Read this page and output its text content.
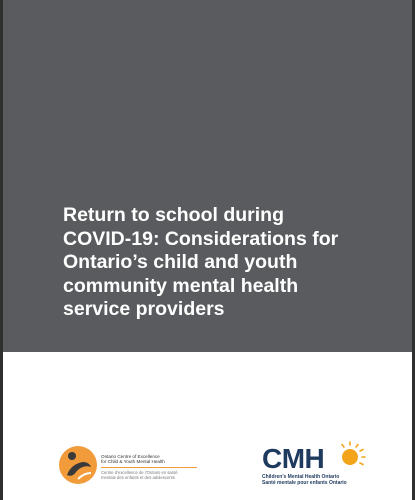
Return to school during
COVID-19: Considerations for
Ontario’s child and youth
community mental health
service providers
Ontario Centre of Excellence
for Child & Youth Mental Health
Centre d’excellence de l’Ontario en santé
mentale des enfants et des adolescents
CMH
Children’s Mental Health Ontario
Santé mentale pour enfants Ontario
